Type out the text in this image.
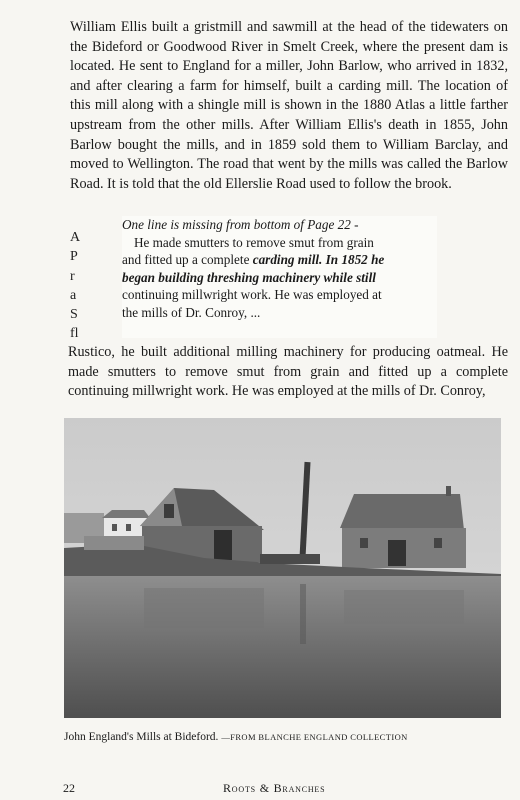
William Ellis built a gristmill and sawmill at the head of the tidewaters on the Bideford or Goodwood River in Smelt Creek, where the present dam is located. He sent to England for a miller, John Barlow, who arrived in 1832, and after clearing a farm for himself, built a carding mill. The location of this mill along with a shingle mill is shown in the 1880 Atlas a little farther upstream from the other mills. After William Ellis's death in 1855, John Barlow bought the mills, and in 1859 sold them to William Barclay, and moved to Wellington. The road that went by the mills was called the Barlow Road. It is told that the old Ellerslie Road used to follow the brook.

A
P
r
a
S
fl

One line is missing from bottom of Page 22 -

He made smutters to remove smut from grain

and fitted up a complete carding mill. In 1852 he

began building threshing machinery while still

continuing millwright work. He was employed at

the mills of Dr. Conroy, ...

Rustico, he built additional milling machinery for producing oatmeal. He made smutters to remove smut from grain and fitted up a complete continuing millwright work. He was employed at the mills of Dr. Conroy,

John England's Mills at Bideford. —FROM BLANCHE ENGLAND COLLECTION

22	Roots & Branches
